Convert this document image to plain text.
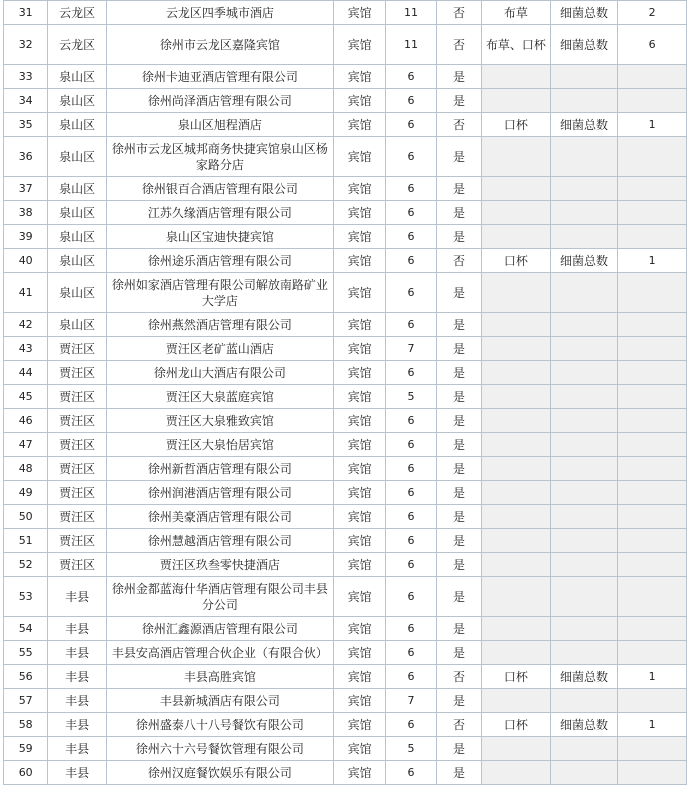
31	云龙区	云龙区四季城市酒店	宾馆	11	否	布草	细菌总数	2
32	云龙区	徐州市云龙区嘉隆宾馆	宾馆	11	否	布草、口杯	细菌总数	6
33	泉山区	徐州卡迪亚酒店管理有限公司	宾馆	6	是			
34	泉山区	徐州尚泽酒店管理有限公司	宾馆	6	是			
35	泉山区	泉山区旭程酒店	宾馆	6	否	口杯	细菌总数	1
36	泉山区	徐州市云龙区城邦商务快捷宾馆泉山区杨家路分店	宾馆	6	是			
37	泉山区	徐州银百合酒店管理有限公司	宾馆	6	是			
38	泉山区	江苏久缘酒店管理有限公司	宾馆	6	是			
39	泉山区	泉山区宝迪快捷宾馆	宾馆	6	是			
40	泉山区	徐州途乐酒店管理有限公司	宾馆	6	否	口杯	细菌总数	1
41	泉山区	徐州如家酒店管理有限公司解放南路矿业大学店	宾馆	6	是			
42	泉山区	徐州燕然酒店管理有限公司	宾馆	6	是			
43	贾汪区	贾汪区老矿蓝山酒店	宾馆	7	是			
44	贾汪区	徐州龙山大酒店有限公司	宾馆	6	是			
45	贾汪区	贾汪区大泉蓝庭宾馆	宾馆	5	是			
46	贾汪区	贾汪区大泉雅致宾馆	宾馆	6	是			
47	贾汪区	贾汪区大泉怡居宾馆	宾馆	6	是			
48	贾汪区	徐州新哲酒店管理有限公司	宾馆	6	是			
49	贾汪区	徐州润港酒店管理有限公司	宾馆	6	是			
50	贾汪区	徐州美豪酒店管理有限公司	宾馆	6	是			
51	贾汪区	徐州慧越酒店管理有限公司	宾馆	6	是			
52	贾汪区	贾汪区玖叁零快捷酒店	宾馆	6	是			
53	丰县	徐州金都蓝海什华酒店管理有限公司丰县分公司	宾馆	6	是			
54	丰县	徐州汇鑫源酒店管理有限公司	宾馆	6	是			
55	丰县	丰县安高酒店管理合伙企业（有限合伙）	宾馆	6	是			
56	丰县	丰县高胜宾馆	宾馆	6	否	口杯	细菌总数	1
57	丰县	丰县新城酒店有限公司	宾馆	7	是			
58	丰县	徐州盛泰八十八号餐饮有限公司	宾馆	6	否	口杯	细菌总数	1
59	丰县	徐州六十六号餐饮管理有限公司	宾馆	5	是			
60	丰县	徐州汉庭餐饮娱乐有限公司	宾馆	6	是			
